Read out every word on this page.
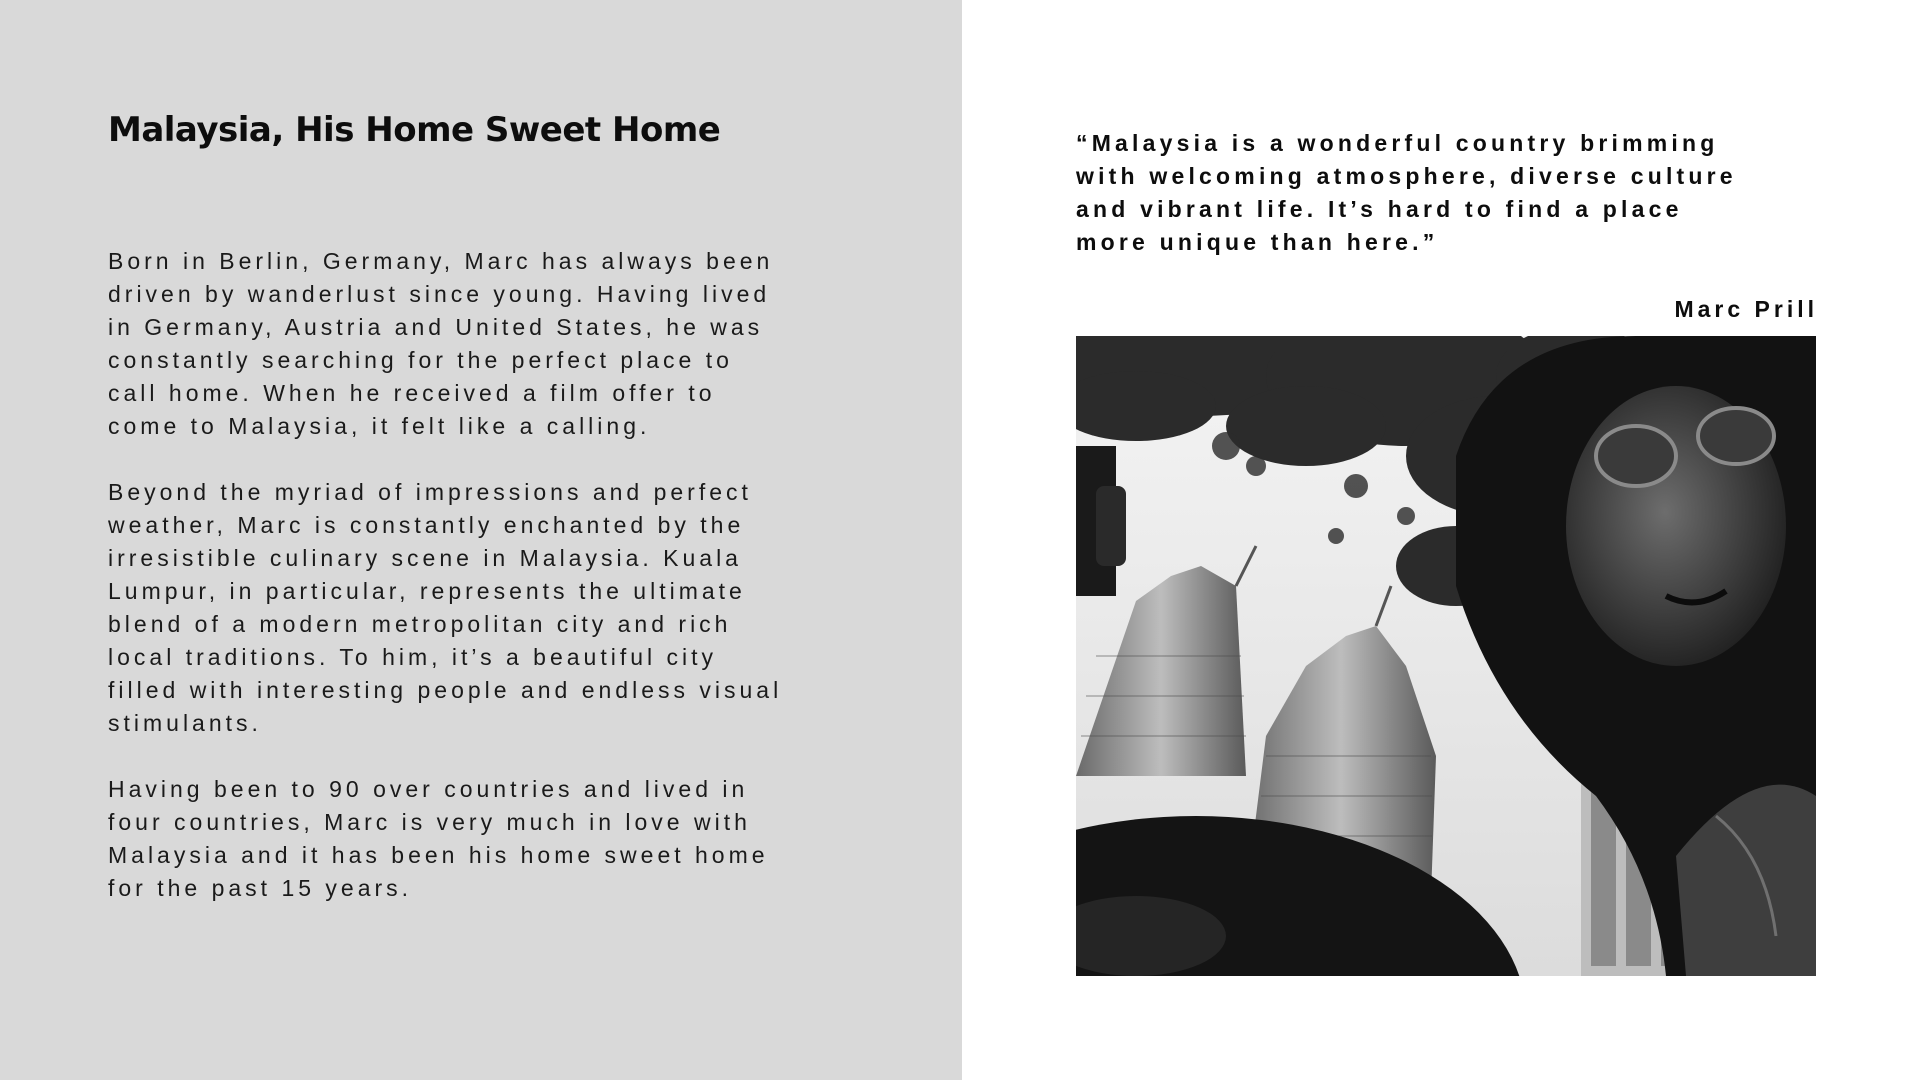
Malaysia, His Home Sweet Home

Born in Berlin, Germany, Marc has always been
driven by wanderlust since young. Having lived
in Germany, Austria and United States, he was
constantly searching for the perfect place to
call home. When he received a film offer to
come to Malaysia, it felt like a calling.

Beyond the myriad of impressions and perfect
weather, Marc is constantly enchanted by the
irresistible culinary scene in Malaysia. Kuala
Lumpur, in particular, represents the ultimate
blend of a modern metropolitan city and rich
local traditions. To him, it’s a beautiful city
filled with interesting people and endless visual
stimulants.

Having been to 90 over countries and lived in
four countries, Marc is very much in love with
Malaysia and it has been his home sweet home
for the past 15 years.

“Malaysia is a wonderful country brimming
with welcoming atmosphere, diverse culture
and vibrant life. It’s hard to find a place
more unique than here.”

Marc Prill
